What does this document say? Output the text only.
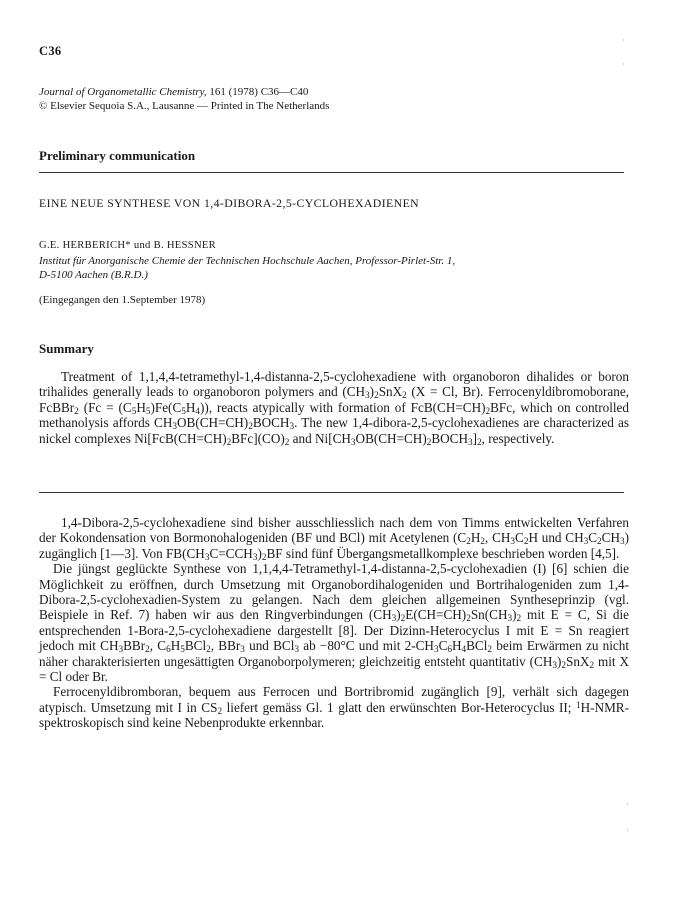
C36
Journal of Organometallic Chemistry, 161 (1978) C36—C40
© Elsevier Sequoia S.A., Lausanne — Printed in The Netherlands
Preliminary communication
EINE NEUE SYNTHESE VON 1,4-DIBORA-2,5-CYCLOHEXADIENEN
G.E. HERBERICH* und B. HESSNER
Institut für Anorganische Chemie der Technischen Hochschule Aachen, Professor-Pirlet-Str. 1,
D-5100 Aachen (B.R.D.)
(Eingegangen den 1.September 1978)
Summary

Treatment of 1,1,4,4-tetramethyl-1,4-distanna-2,5-cyclohexadiene with organoboron dihalides or boron trihalides generally leads to organoboron polymers and $(CH_3)_2SnX_2$ (X = Cl, Br). Ferrocenyldibromoborane, FcBBr$_2$ $(Fc = (C_5H_5)Fe(C_5H_4))$, reacts atypically with formation of $FcB(CH=CH)_2BFc$, which on controlled methanolysis affords $CH_3OB(CH=CH)_2BOCH_3$. The new 1,4-dibora-2,5-cyclohexadienes are characterized as nickel complexes $Ni[FcB(CH=CH)_2BFc](CO)_2$ and $Ni[CH_3OB(CH=CH)_2BOCH_3]_2$, respectively.

1,4-Dibora-2,5-cyclohexadiene sind bisher ausschliesslich nach dem von Timms entwickelten Verfahren der Kokondensation von Bormonohalogeniden (BF und BCl) mit Acetylenen ($C_2H_2$, $CH_3C_2H$ und $CH_3C_2CH_3$) zugänglich [1—3]. Von $FB(CH_3C=CCH_3)_2BF$ sind fünf Übergangsmetallkomplexe beschrieben worden [4,5].

Die jüngst geglückte Synthese von 1,1,4,4-Tetramethyl-1,4-distanna-2,5-cyclohexadien (I) [6] schien die Möglichkeit zu eröffnen, durch Umsetzung mit Organobordihalogeniden und Bortrihalogeniden zum 1,4-Dibora-2,5-cyclohexadien-System zu gelangen. Nach dem gleichen allgemeinen Syntheseprinzip (vgl. Beispiele in Ref. 7) haben wir aus den Ringverbindungen $(CH_3)_2E(CH=CH)_2Sn(CH_3)_2$ mit E = C, Si die entsprechenden 1-Bora-2,5-cyclohexadiene dargestellt [8]. Der Dizinn-Heterocyclus I mit E = Sn reagiert jedoch mit $CH_3BBr_2$, $C_6H_5BCl_2$, BBr$_3$ und BCl$_3$ ab −80°C und mit $2-CH_3C_6H_4BCl_2$ beim Erwärmen zu nicht näher charakterisierten ungesättigten Organoborpolymeren; gleichzeitig entsteht quantitativ $(CH_3)_2SnX_2$ mit X = Cl oder Br.

Ferrocenyldibromboran, bequem aus Ferrocen und Bortribromid zugänglich [9], verhält sich dagegen atypisch. Umsetzung mit I in $CS_2$ liefert gemäss Gl. 1 glatt den erwünschten Bor-Heterocyclus II; $^1$H-NMR-spektroskopisch sind keine Nebenprodukte erkennbar.

·
·
·
·
